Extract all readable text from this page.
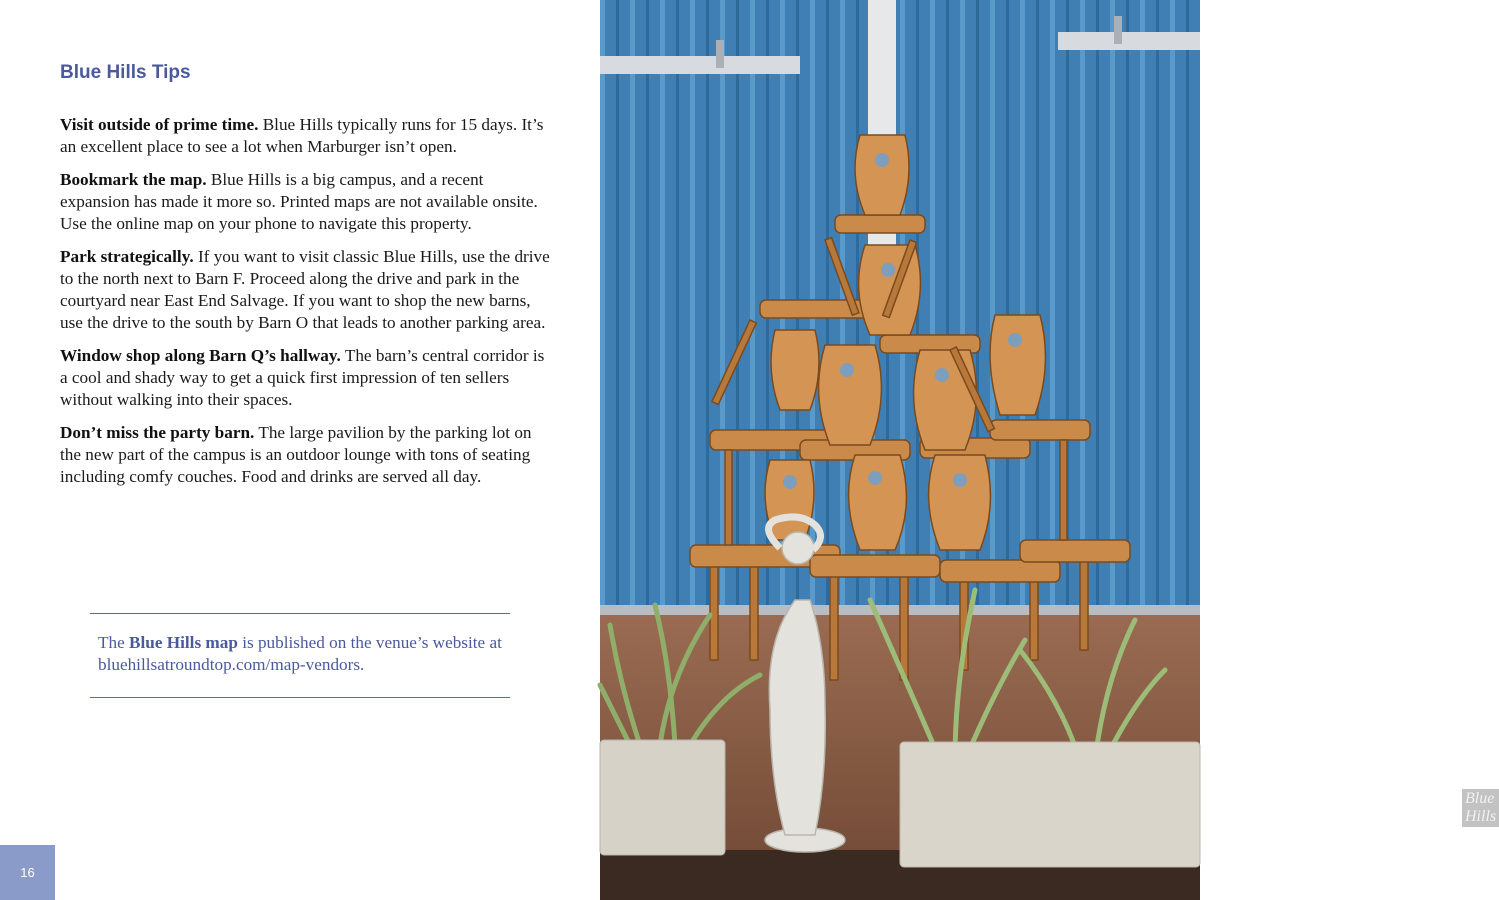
Blue Hills Tips

Visit outside of prime time. Blue Hills typically runs for 15 days. It’s an excellent place to see a lot when Marburger isn’t open.

Bookmark the map. Blue Hills is a big campus, and a recent expansion has made it more so. Printed maps are not available onsite. Use the online map on your phone to navigate this property.

Park strategically. If you want to visit classic Blue Hills, use the drive to the north next to Barn F. Proceed along the drive and park in the courtyard near East End Salvage. If you want to shop the new barns, use the drive to the south by Barn O that leads to another parking area.

Window shop along Barn Q’s hallway. The barn’s central corridor is a cool and shady way to get a quick first impression of ten sellers without walking into their spaces.

Don’t miss the party barn. The large pavilion by the parking lot on the new part of the campus is an outdoor lounge with tons of seating including comfy couches. Food and drinks are served all day.

The Blue Hills map is published on the venue’s website at bluehillsatroundtop.com/map-vendors.

16
Blue Hills
